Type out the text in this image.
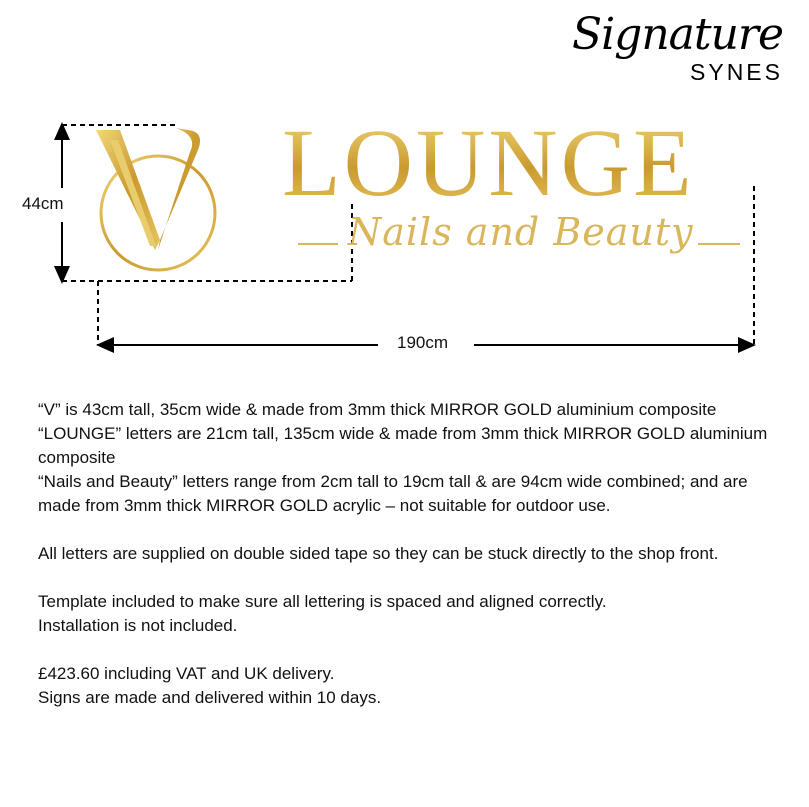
Signature
SYNES
44cm
190cm
LOUNGE
Nails and Beauty

“V” is 43cm tall, 35cm wide & made from 3mm thick MIRROR GOLD aluminium composite

“LOUNGE” letters are 21cm tall, 135cm wide & made from 3mm thick MIRROR GOLD aluminium composite

“Nails and Beauty” letters range from 2cm tall to 19cm tall & are 94cm wide combined; and are made from 3mm thick MIRROR GOLD acrylic – not suitable for outdoor use.

All letters are supplied on double sided tape so they can be stuck directly to the shop front.

Template included to make sure all lettering is spaced and aligned correctly.

Installation is not included.

£423.60 including VAT and UK delivery.

Signs are made and delivered within 10 days.
